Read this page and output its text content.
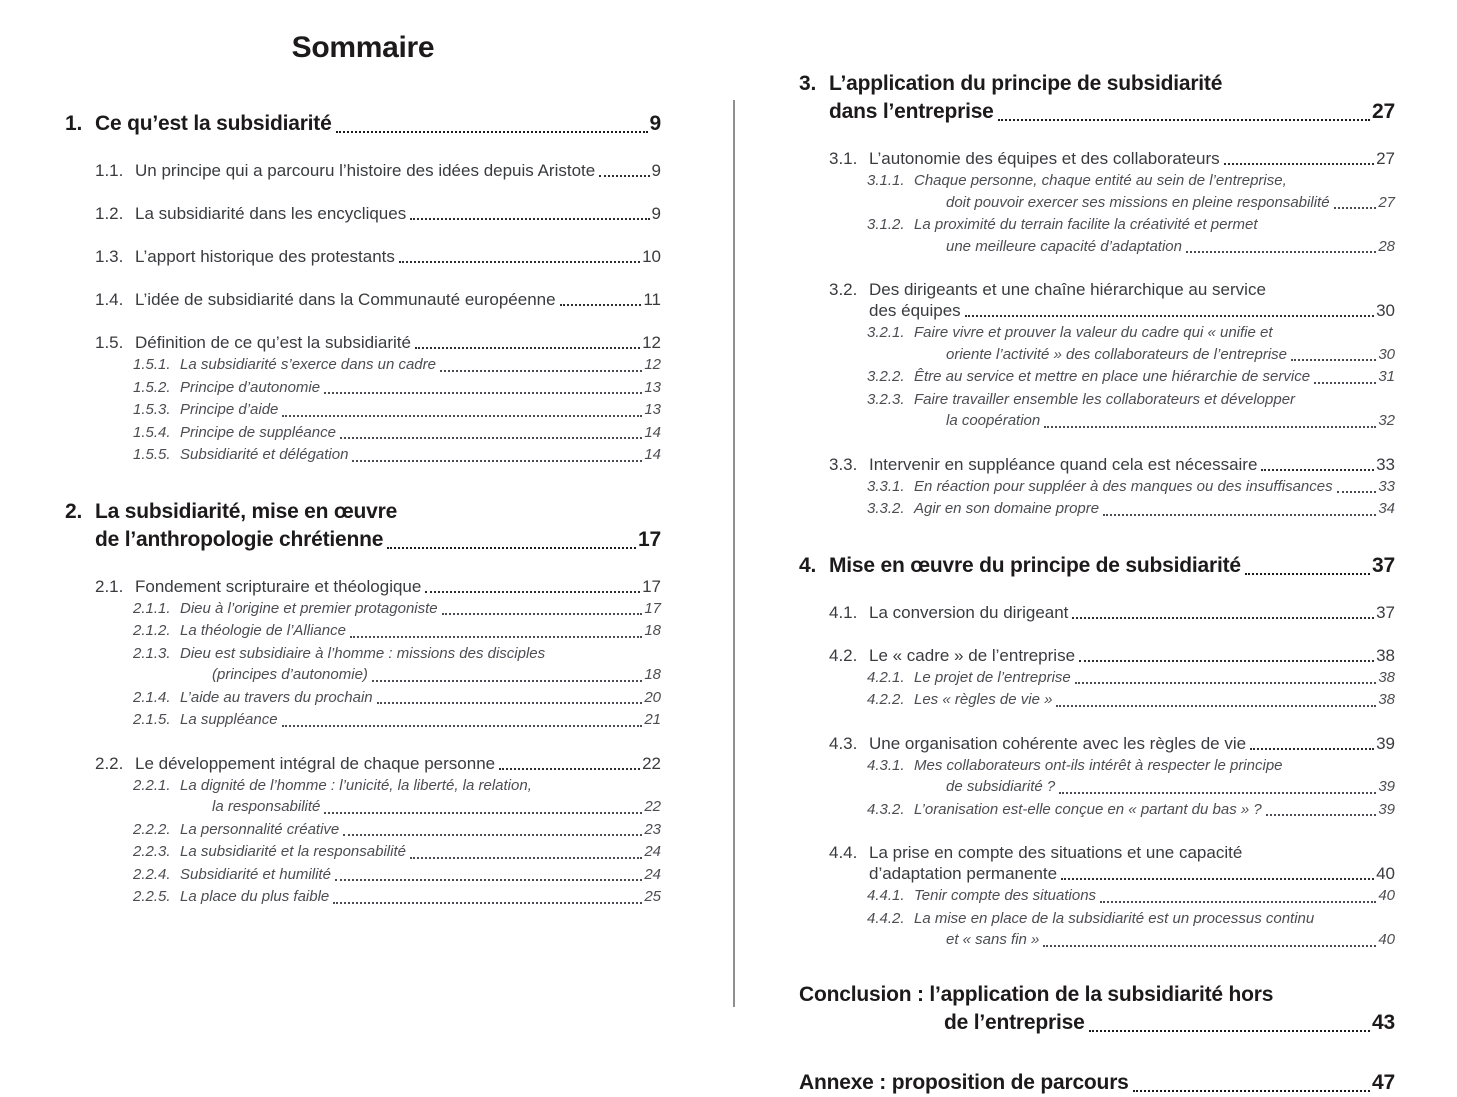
Sommaire
1. Ce qu’est la subsidiarité	9
1.1. Un principe qui a parcouru l’histoire des idées depuis Aristote	9
1.2. La subsidiarité dans les encycliques	9
1.3. L’apport historique des protestants	10
1.4. L’idée de subsidiarité dans la Communauté européenne	11
1.5. Définition de ce qu’est la subsidiarité	12
1.5.1. La subsidiarité s’exerce dans un cadre	12
1.5.2. Principe d’autonomie	13
1.5.3. Principe d’aide	13
1.5.4. Principe de suppléance	14
1.5.5. Subsidiarité et délégation	14
2. La subsidiarité, mise en œuvre
de l’anthropologie chrétienne	17
2.1. Fondement scripturaire et théologique	17
2.1.1. Dieu à l’origine et premier protagoniste	17
2.1.2. La théologie de l’Alliance	18
2.1.3. Dieu est subsidiaire à l’homme : missions des disciples
(principes d’autonomie)	18
2.1.4. L’aide au travers du prochain	20
2.1.5. La suppléance	21
2.2. Le développement intégral de chaque personne	22
2.2.1. La dignité de l’homme : l’unicité, la liberté, la relation,
la responsabilité	22
2.2.2. La personnalité créative	23
2.2.3. La subsidiarité et la responsabilité	24
2.2.4. Subsidiarité et humilité	24
2.2.5. La place du plus faible	25
3. L’application du principe de subsidiarité
dans l’entreprise	27
3.1. L’autonomie des équipes et des collaborateurs	27
3.1.1. Chaque personne, chaque entité au sein de l’entreprise,
doit pouvoir exercer ses missions en pleine responsabilité	27
3.1.2. La proximité du terrain facilite la créativité et permet
une meilleure capacité d’adaptation	28
3.2. Des dirigeants et une chaîne hiérarchique au service
des équipes	30
3.2.1. Faire vivre et prouver la valeur du cadre qui « unifie et
oriente l’activité » des collaborateurs de l’entreprise	30
3.2.2. Être au service et mettre en place une hiérarchie de service	31
3.2.3. Faire travailler ensemble les collaborateurs et développer
la coopération	32
3.3. Intervenir en suppléance quand cela est nécessaire	33
3.3.1. En réaction pour suppléer à des manques ou des insuffisances	33
3.3.2. Agir en son domaine propre	34
4. Mise en œuvre du principe de subsidiarité	37
4.1. La conversion du dirigeant	37
4.2. Le « cadre » de l’entreprise	38
4.2.1. Le projet de l’entreprise	38
4.2.2. Les « règles de vie »	38
4.3. Une organisation cohérente avec les règles de vie	39
4.3.1. Mes collaborateurs ont-ils intérêt à respecter le principe
de subsidiarité ?	39
4.3.2. L’oranisation est-elle conçue en « partant du bas » ?	39
4.4. La prise en compte des situations et une capacité
d’adaptation permanente	40
4.4.1. Tenir compte des situations	40
4.4.2. La mise en place de la subsidiarité est un processus continu
et « sans fin »	40
Conclusion : l’application de la subsidiarité hors
de l’entreprise	43
Annexe : proposition de parcours	47
